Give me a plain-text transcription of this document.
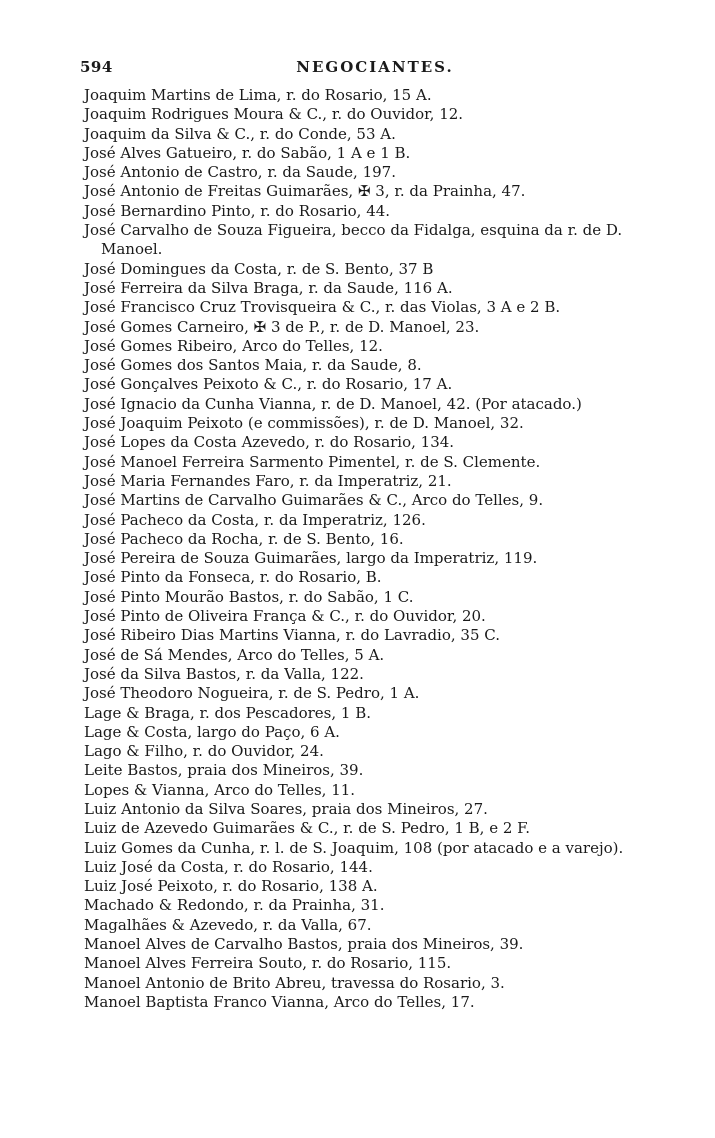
594	NEGOCIANTES.
Joaquim Martins de Lima, r. do Rosario, 15 A.
Joaquim Rodrigues Moura & C., r. do Ouvidor, 12.
Joaquim da Silva & C., r. do Conde, 53 A.
José Alves Gatueiro, r. do Sabão, 1 A e 1 B.
José Antonio de Castro, r. da Saude, 197.
José Antonio de Freitas Guimarães, ✠ 3, r. da Prainha, 47.
José Bernardino Pinto, r. do Rosario, 44.
José Carvalho de Souza Figueira, becco da Fidalga, esquina da r. de D. Manoel.
José Domingues da Costa, r. de S. Bento, 37 B
José Ferreira da Silva Braga, r. da Saude, 116 A.
José Francisco Cruz Trovisqueira & C., r. das Violas, 3 A e 2 B.
José Gomes Carneiro, ✠ 3 de P., r. de D. Manoel, 23.
José Gomes Ribeiro, Arco do Telles, 12.
José Gomes dos Santos Maia, r. da Saude, 8.
José Gonçalves Peixoto & C., r. do Rosario, 17 A.
José Ignacio da Cunha Vianna, r. de D. Manoel, 42. (Por atacado.)
José Joaquim Peixoto (e commissões), r. de D. Manoel, 32.
José Lopes da Costa Azevedo, r. do Rosario, 134.
José Manoel Ferreira Sarmento Pimentel, r. de S. Clemente.
José Maria Fernandes Faro, r. da Imperatriz, 21.
José Martins de Carvalho Guimarães & C., Arco do Telles, 9.
José Pacheco da Costa, r. da Imperatriz, 126.
José Pacheco da Rocha, r. de S. Bento, 16.
José Pereira de Souza Guimarães, largo da Imperatriz, 119.
José Pinto da Fonseca, r. do Rosario, B.
José Pinto Mourão Bastos, r. do Sabão, 1 C.
José Pinto de Oliveira França & C., r. do Ouvidor, 20.
José Ribeiro Dias Martins Vianna, r. do Lavradio, 35 C.
José de Sá Mendes, Arco do Telles, 5 A.
José da Silva Bastos, r. da Valla, 122.
José Theodoro Nogueira, r. de S. Pedro, 1 A.
Lage & Braga, r. dos Pescadores, 1 B.
Lage & Costa, largo do Paço, 6 A.
Lago & Filho, r. do Ouvidor, 24.
Leite Bastos, praia dos Mineiros, 39.
Lopes & Vianna, Arco do Telles, 11.
Luiz Antonio da Silva Soares, praia dos Mineiros, 27.
Luiz de Azevedo Guimarães & C., r. de S. Pedro, 1 B, e 2 F.
Luiz Gomes da Cunha, r. l. de S. Joaquim, 108 (por atacado e a varejo).
Luiz José da Costa, r. do Rosario, 144.
Luiz José Peixoto, r. do Rosario, 138 A.
Machado & Redondo, r. da Prainha, 31.
Magalhães & Azevedo, r. da Valla, 67.
Manoel Alves de Carvalho Bastos, praia dos Mineiros, 39.
Manoel Alves Ferreira Souto, r. do Rosario, 115.
Manoel Antonio de Brito Abreu, travessa do Rosario, 3.
Manoel Baptista Franco Vianna, Arco do Telles, 17.
